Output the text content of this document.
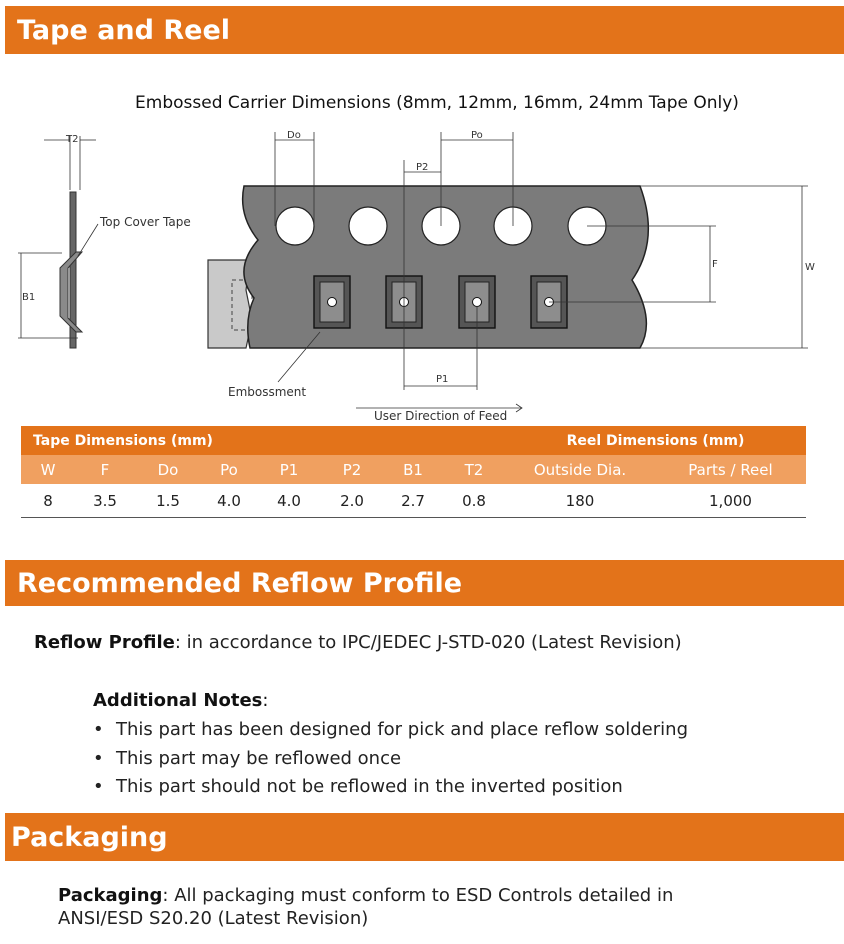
Tape and Reel
Embossed Carrier Dimensions (8mm, 12mm, 16mm, 24mm Tape Only)
T2
B1
Top Cover Tape
Do	Po
P2
P1
F	W
Embossment
User Direction of Feed
Tape Dimensions (mm)								Reel Dimensions (mm)	
W	F	Do	Po	P1	P2	B1	T2	Outside Dia.	Parts / Reel
8	3.5	1.5	4.0	4.0	2.0	2.7	0.8	180	1,000
Recommended Reflow Profile
Reflow Profile: in accordance to IPC/JEDEC J-STD-020 (Latest Revision)
Additional Notes:
• This part has been designed for pick and place reflow soldering
• This part may be reflowed once
• This part should not be reflowed in the inverted position
Packaging
Packaging: All packaging must conform to ESD Controls detailed in ANSI/ESD S20.20 (Latest Revision)
